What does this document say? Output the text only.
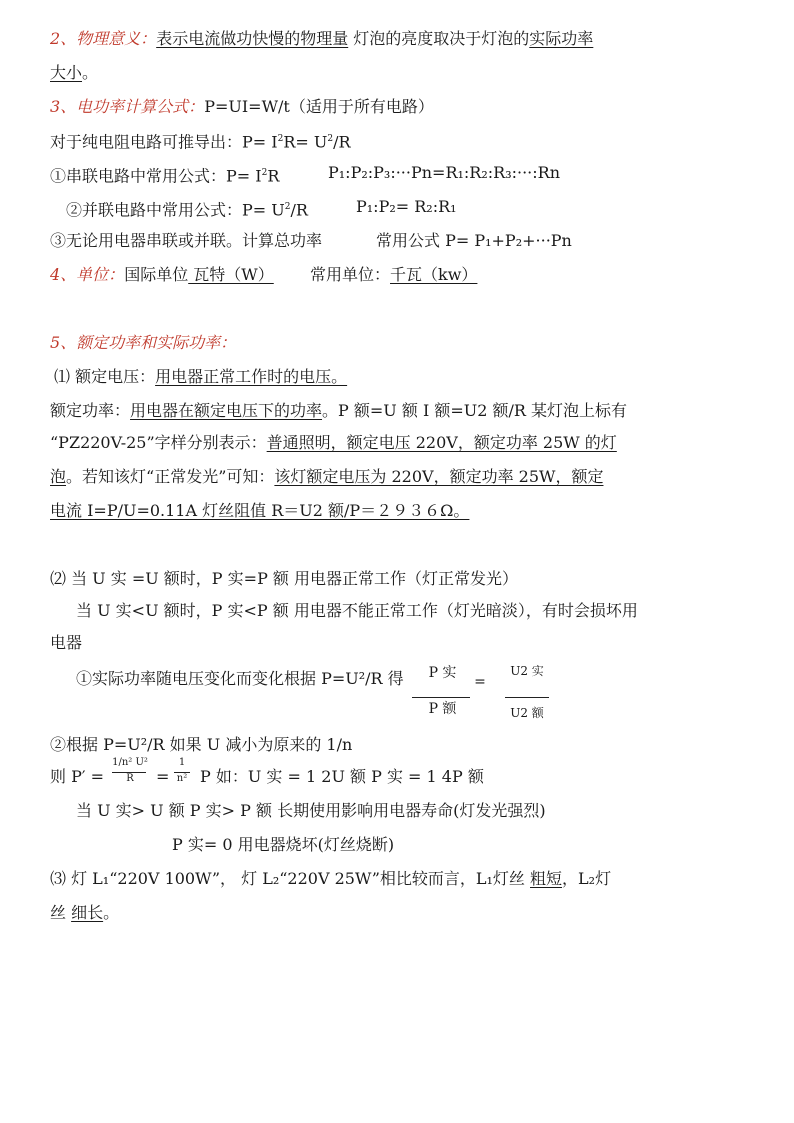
2、物理意义：表示电流做功快慢的物理量 灯泡的亮度取决于灯泡的实际功率
大小。
3、电功率计算公式：P=UI=W/t（适用于所有电路）
对于纯电阻电路可推导出：$P= I^2R= U^2/R$
①串联电路中常用公式：$P= I^2R$	P₁:P₂:P₃:···Pn=R₁:R₂:R₃:···:Rn
②并联电路中常用公式：$P= U^2/R$	P₁:P₂= R₂:R₁
③无论用电器串联或并联。计算总功率	常用公式 P= P₁+P₂+···Pn
4、单位：国际单位 瓦特（W） 常用单位：千瓦（kw）
5、额定功率和实际功率：
⑴ 额定电压：用电器正常工作时的电压。
额定功率：用电器在额定电压下的功率。P 额=U 额 I 额=U2 额/R 某灯泡上标有
“PZ220V-25”字样分别表示：普通照明，额定电压 220V，额定功率 25W 的灯
泡。若知该灯“正常发光”可知：该灯额定电压为 220V，额定功率 25W，额定
电流 I=P/U=0.11A 灯丝阻值 R＝U2 额/P＝２９３６Ω。
⑵ 当 U 实 =U 额时，P 实=P 额 用电器正常工作（灯正常发光）
当 U 实<U 额时，P 实<P 额 用电器不能正常工作（灯光暗淡），有时会损坏用
电器
①实际功率随电压变化而变化根据 P=U²/R 得	P 实
P 额
=
U2 实
U2 额
②根据 P=U²/R 如果 U 减小为原来的 1/n
则 P′ =
1/n² U²
R	=
1
n² P 如：U 实 = 1 2U 额 P 实 = 1 4P 额
当 U 实> U 额 P 实> P 额 长期使用影响用电器寿命(灯发光强烈)
P 实= 0 用电器烧坏(灯丝烧断)
⑶ 灯 L₁“220V 100W”， 灯 L₂“220V 25W”相比较而言，L₁灯丝 粗短，L₂灯
丝 细长。
